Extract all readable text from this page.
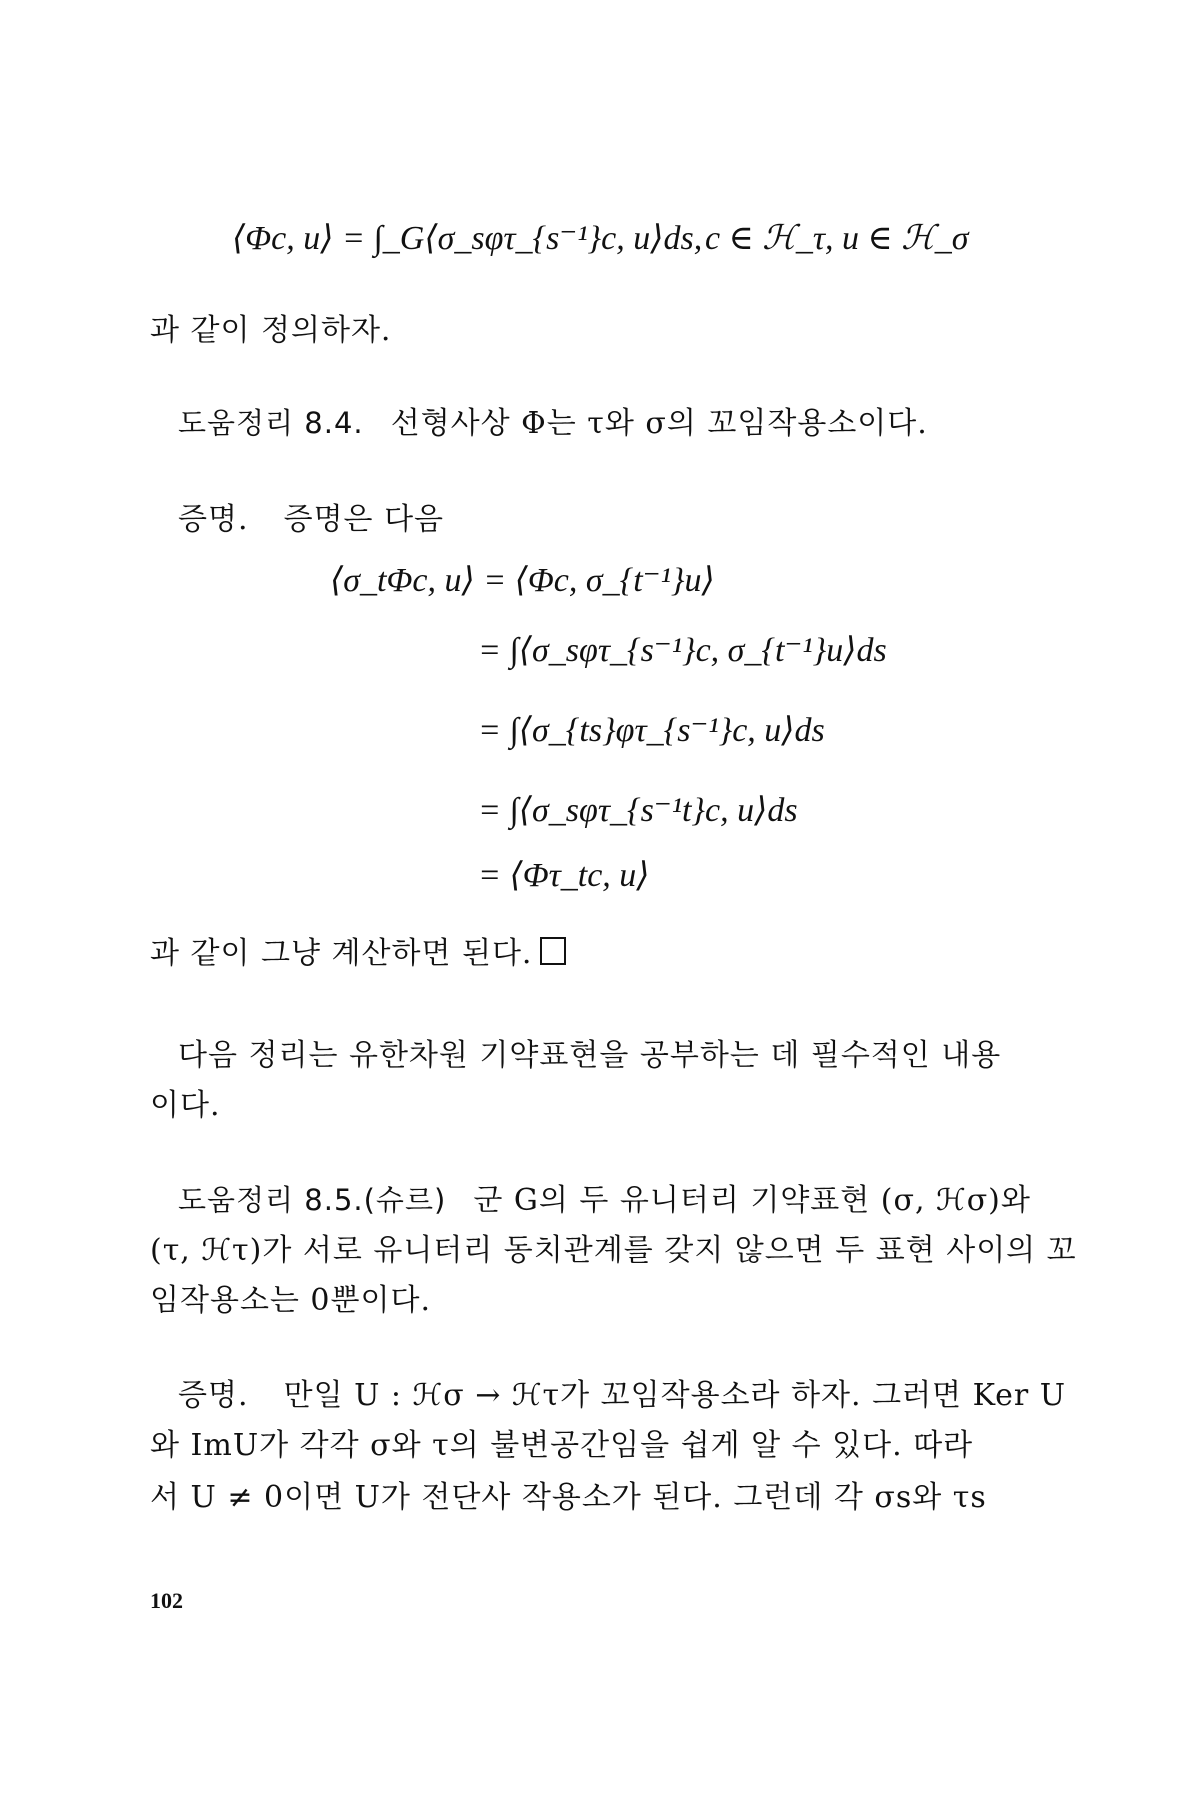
⟨Φc, u⟩ = ∫_G⟨σ_sφτ_{s⁻¹}c, u⟩ds, c ∈ ℋ_τ, u ∈ ℋ_σ
과 같이 정의하자.
도움정리 8.4. 선형사상 Φ는 τ와 σ의 꼬임작용소이다.
증명. 증명은 다음
⟨σ_tΦc, u⟩ = ⟨Φc, σ_{t⁻¹}u⟩
= ∫⟨σ_sφτ_{s⁻¹}c, σ_{t⁻¹}u⟩ds
= ∫⟨σ_{ts}φτ_{s⁻¹}c, u⟩ds
= ∫⟨σ_sφτ_{s⁻¹t}c, u⟩ds
= ⟨Φτ_tc, u⟩
과 같이 그냥 계산하면 된다.
다음 정리는 유한차원 기약표현을 공부하는 데 필수적인 내용
이다.
도움정리 8.5.(슈르) 군 G의 두 유니터리 기약표현 (σ, ℋσ)와
(τ, ℋτ)가 서로 유니터리 동치관계를 갖지 않으면 두 표현 사이의 꼬
임작용소는 0뿐이다.
증명. 만일 U : ℋσ → ℋτ가 꼬임작용소라 하자. 그러면 Ker U
와 ImU가 각각 σ와 τ의 불변공간임을 쉽게 알 수 있다. 따라
서 U ≠ 0이면 U가 전단사 작용소가 된다. 그런데 각 σs와 τs
102
